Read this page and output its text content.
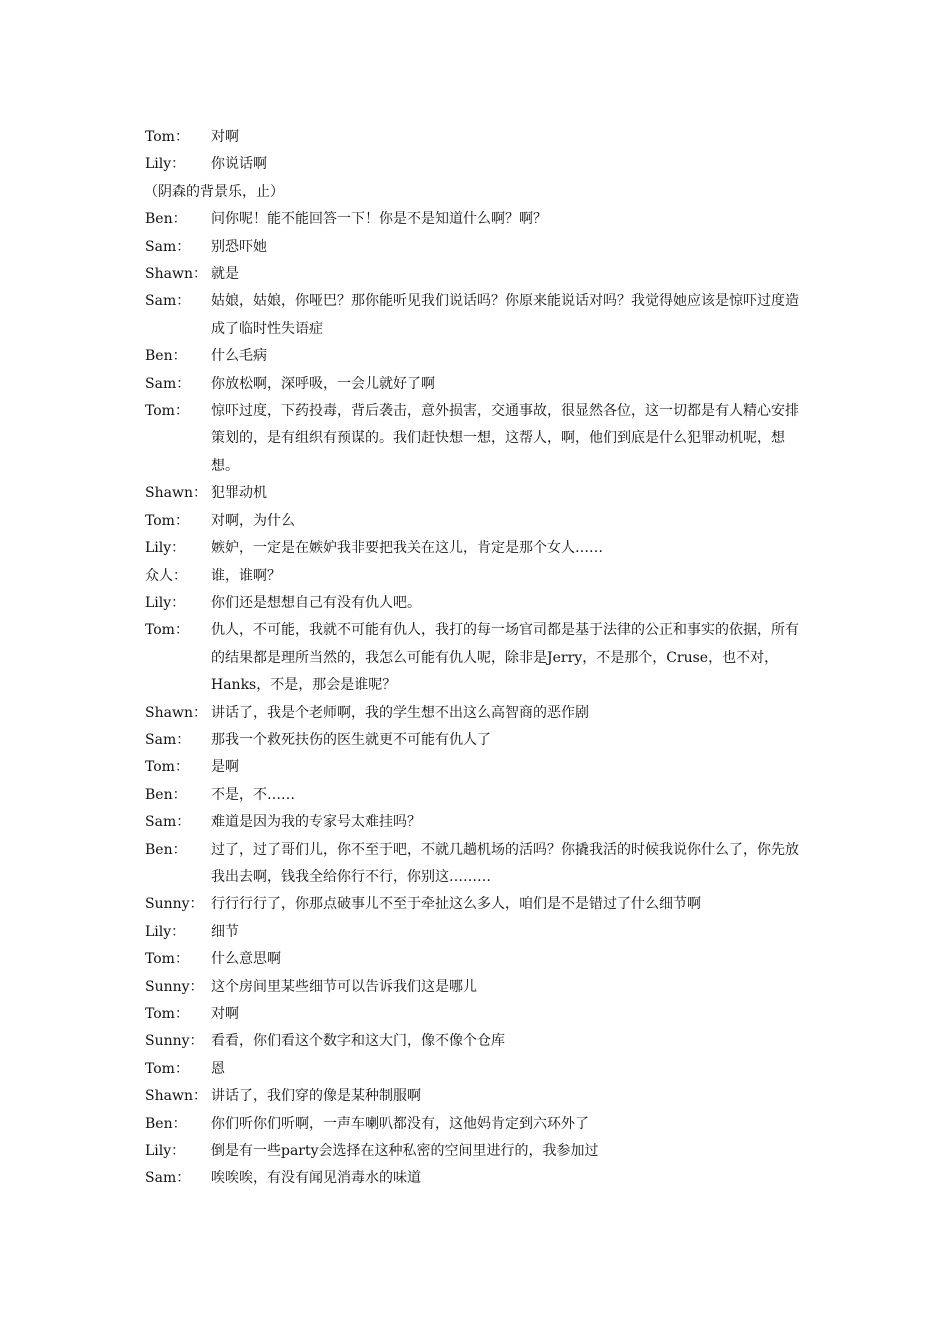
Tom：	对啊
Lily：	你说话啊
（阴森的背景乐，止）
Ben：	问你呢！能不能回答一下！你是不是知道什么啊？啊？
Sam：	别恐吓她
Shawn： 就是
Sam：	姑娘，姑娘，你哑巴？那你能听见我们说话吗？你原来能说话对吗？我觉得她应该是惊吓过度造成了临时性失语症
Ben：	什么毛病
Sam：	你放松啊，深呼吸，一会儿就好了啊
Tom：	惊吓过度，下药投毒，背后袭击，意外损害，交通事故，很显然各位，这一切都是有人精心安排策划的，是有组织有预谋的。我们赶快想一想，这帮人，啊，他们到底是什么犯罪动机呢，想想。
Shawn： 犯罪动机
Tom：	对啊，为什么
Lily：	嫉妒，一定是在嫉妒我非要把我关在这儿，肯定是那个女人……
众人：	谁，谁啊？
Lily：	你们还是想想自己有没有仇人吧。
Tom：	仇人，不可能，我就不可能有仇人，我打的每一场官司都是基于法律的公正和事实的依据，所有的结果都是理所当然的，我怎么可能有仇人呢，除非是Jerry，不是那个，Cruse，也不对，Hanks，不是，那会是谁呢？
Shawn： 讲话了，我是个老师啊，我的学生想不出这么高智商的恶作剧
Sam：	那我一个救死扶伤的医生就更不可能有仇人了
Tom：	是啊
Ben：	不是，不……
Sam：	难道是因为我的专家号太难挂吗？
Ben：	过了，过了哥们儿，你不至于吧，不就几趟机场的活吗？你撬我活的时候我说你什么了，你先放我出去啊，钱我全给你行不行，你别这………
Sunny： 行行行行了，你那点破事儿不至于牵扯这么多人，咱们是不是错过了什么细节啊
Lily：	细节
Tom：	什么意思啊
Sunny： 这个房间里某些细节可以告诉我们这是哪儿
Tom：	对啊
Sunny： 看看，你们看这个数字和这大门，像不像个仓库
Tom：	恩
Shawn： 讲话了，我们穿的像是某种制服啊
Ben：	你们听你们听啊，一声车喇叭都没有，这他妈肯定到六环外了
Lily：	倒是有一些party会选择在这种私密的空间里进行的，我参加过
Sam：	唉唉唉，有没有闻见消毒水的味道
